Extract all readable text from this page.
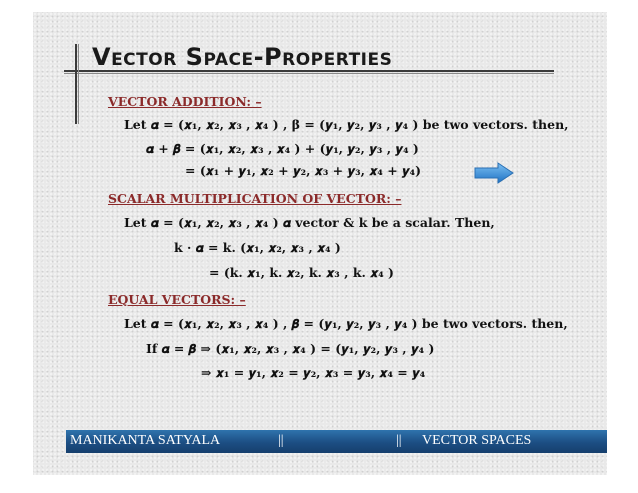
Vector Space-Properties
VECTOR ADDITION: –
Let 𝜶 = (𝒙₁, 𝒙₂, 𝒙₃ , 𝒙₄ ) , 𝛃 = (𝒚₁, 𝒚₂, 𝒚₃ , 𝒚₄ ) be two vectors. then,
𝜶 + 𝜷 = (𝒙₁, 𝒙₂, 𝒙₃ , 𝒙₄ ) + (𝒚₁, 𝒚₂, 𝒚₃ , 𝒚₄ )
= (𝒙₁ + 𝒚₁, 𝒙₂ + 𝒚₂, 𝒙₃ + 𝒚₃, 𝒙₄ + 𝒚₄)
SCALAR MULTIPLICATION OF VECTOR: –
Let 𝜶 = (𝒙₁, 𝒙₂, 𝒙₃ , 𝒙₄ ) 𝜶 vector & k be a scalar. Then,
k · 𝜶 = k. (𝒙₁, 𝒙₂, 𝒙₃ , 𝒙₄ )
= (k. 𝒙₁, k. 𝒙₂, k. 𝒙₃ , k. 𝒙₄ )
EQUAL VECTORS: –
Let 𝜶 = (𝒙₁, 𝒙₂, 𝒙₃ , 𝒙₄ ) , 𝜷 = (𝒚₁, 𝒚₂, 𝒚₃ , 𝒚₄ ) be two vectors. then,
If 𝜶 = 𝜷 ⇒ (𝒙₁, 𝒙₂, 𝒙₃ , 𝒙₄ ) = (𝒚₁, 𝒚₂, 𝒚₃ , 𝒚₄ )
⇒ 𝒙₁ = 𝒚₁, 𝒙₂ = 𝒚₂, 𝒙₃ = 𝒚₃, 𝒙₄ = 𝒚₄
MANIKANTA SATYALA	||	|| VECTOR SPACES
